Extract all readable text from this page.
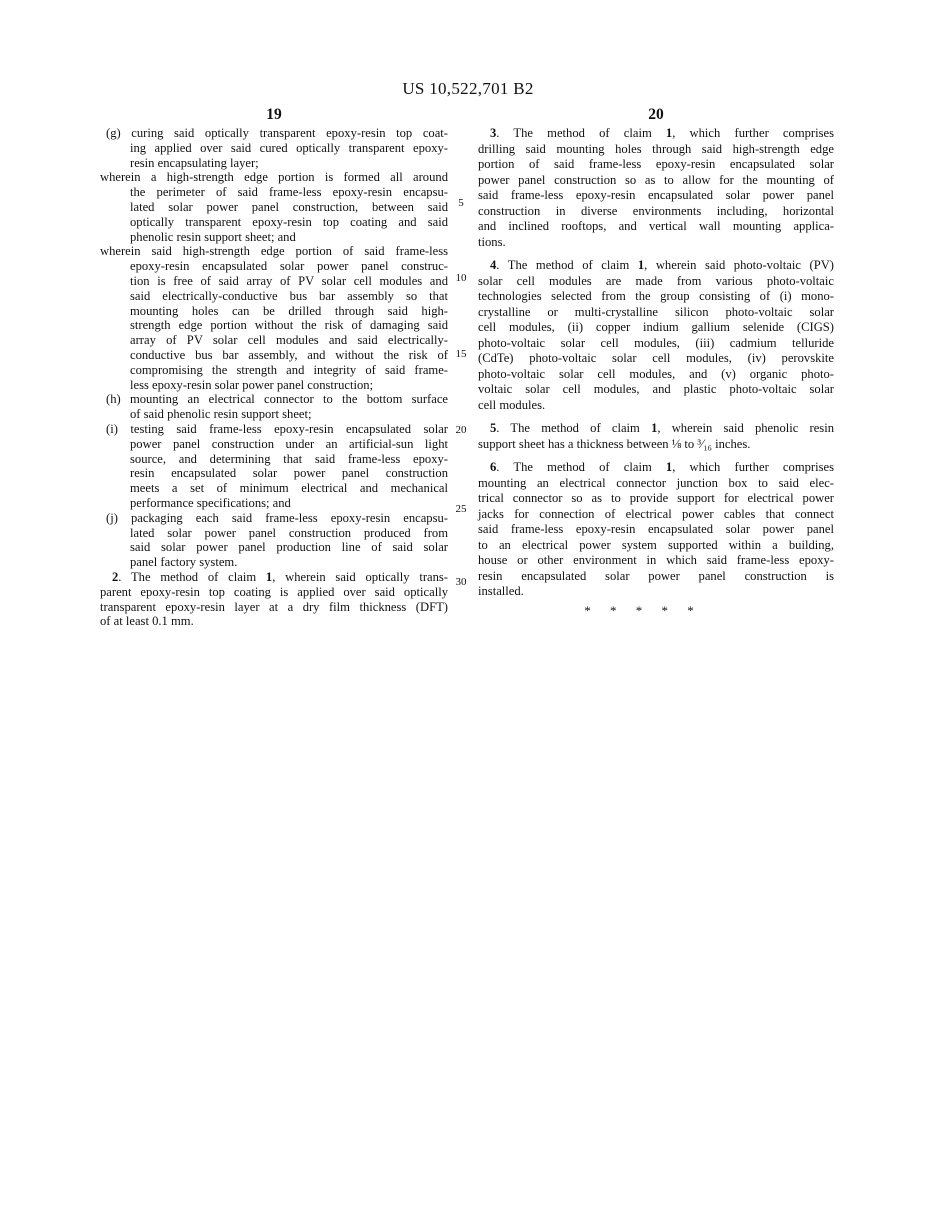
US 10,522,701 B2
19	20
(g) curing said optically transparent epoxy-resin top coat-
ing applied over said cured optically transparent epoxy-
resin encapsulating layer;
wherein a high-strength edge portion is formed all around
the perimeter of said frame-less epoxy-resin encapsu-
lated solar power panel construction, between said
optically transparent epoxy-resin top coating and said
phenolic resin support sheet; and
wherein said high-strength edge portion of said frame-less
epoxy-resin encapsulated solar power panel construc-
tion is free of said array of PV solar cell modules and
said electrically-conductive bus bar assembly so that
mounting holes can be drilled through said high-
strength edge portion without the risk of damaging said
array of PV solar cell modules and said electrically-
conductive bus bar assembly, and without the risk of
compromising the strength and integrity of said frame-
less epoxy-resin solar power panel construction;
(h) mounting an electrical connector to the bottom surface
of said phenolic resin support sheet;
(i) testing said frame-less epoxy-resin encapsulated solar
power panel construction under an artificial-sun light
source, and determining that said frame-less epoxy-
resin encapsulated solar power panel construction
meets a set of minimum electrical and mechanical
performance specifications; and
(j) packaging each said frame-less epoxy-resin encapsu-
lated solar power panel construction produced from
said solar power panel production line of said solar
panel factory system.
2. The method of claim 1, wherein said optically trans-
parent epoxy-resin top coating is applied over said optically
transparent epoxy-resin layer at a dry film thickness (DFT)
of at least 0.1 mm.
3. The method of claim 1, which further comprises
drilling said mounting holes through said high-strength edge
portion of said frame-less epoxy-resin encapsulated solar
power panel construction so as to allow for the mounting of
said frame-less epoxy-resin encapsulated solar power panel
construction in diverse environments including, horizontal
and inclined rooftops, and vertical wall mounting applica-
tions.
4. The method of claim 1, wherein said photo-voltaic (PV)
solar cell modules are made from various photo-voltaic
technologies selected from the group consisting of (i) mono-
crystalline or multi-crystalline silicon photo-voltaic solar
cell modules, (ii) copper indium gallium selenide (CIGS)
photo-voltaic solar cell modules, (iii) cadmium telluride
(CdTe) photo-voltaic solar cell modules, (iv) perovskite
photo-voltaic solar cell modules, and (v) organic photo-
voltaic solar cell modules, and plastic photo-voltaic solar
cell modules.
5. The method of claim 1, wherein said phenolic resin
support sheet has a thickness between ⅛ to ³⁄₁₆ inches.
6. The method of claim 1, which further comprises
mounting an electrical connector junction box to said elec-
trical connector so as to provide support for electrical power
jacks for connection of electrical power cables that connect
said frame-less epoxy-resin encapsulated solar power panel
to an electrical power system supported within a building,
house or other environment in which said frame-less epoxy-
resin encapsulated solar power panel construction is
installed.
5
10
15
20
25
30
* * * * *
